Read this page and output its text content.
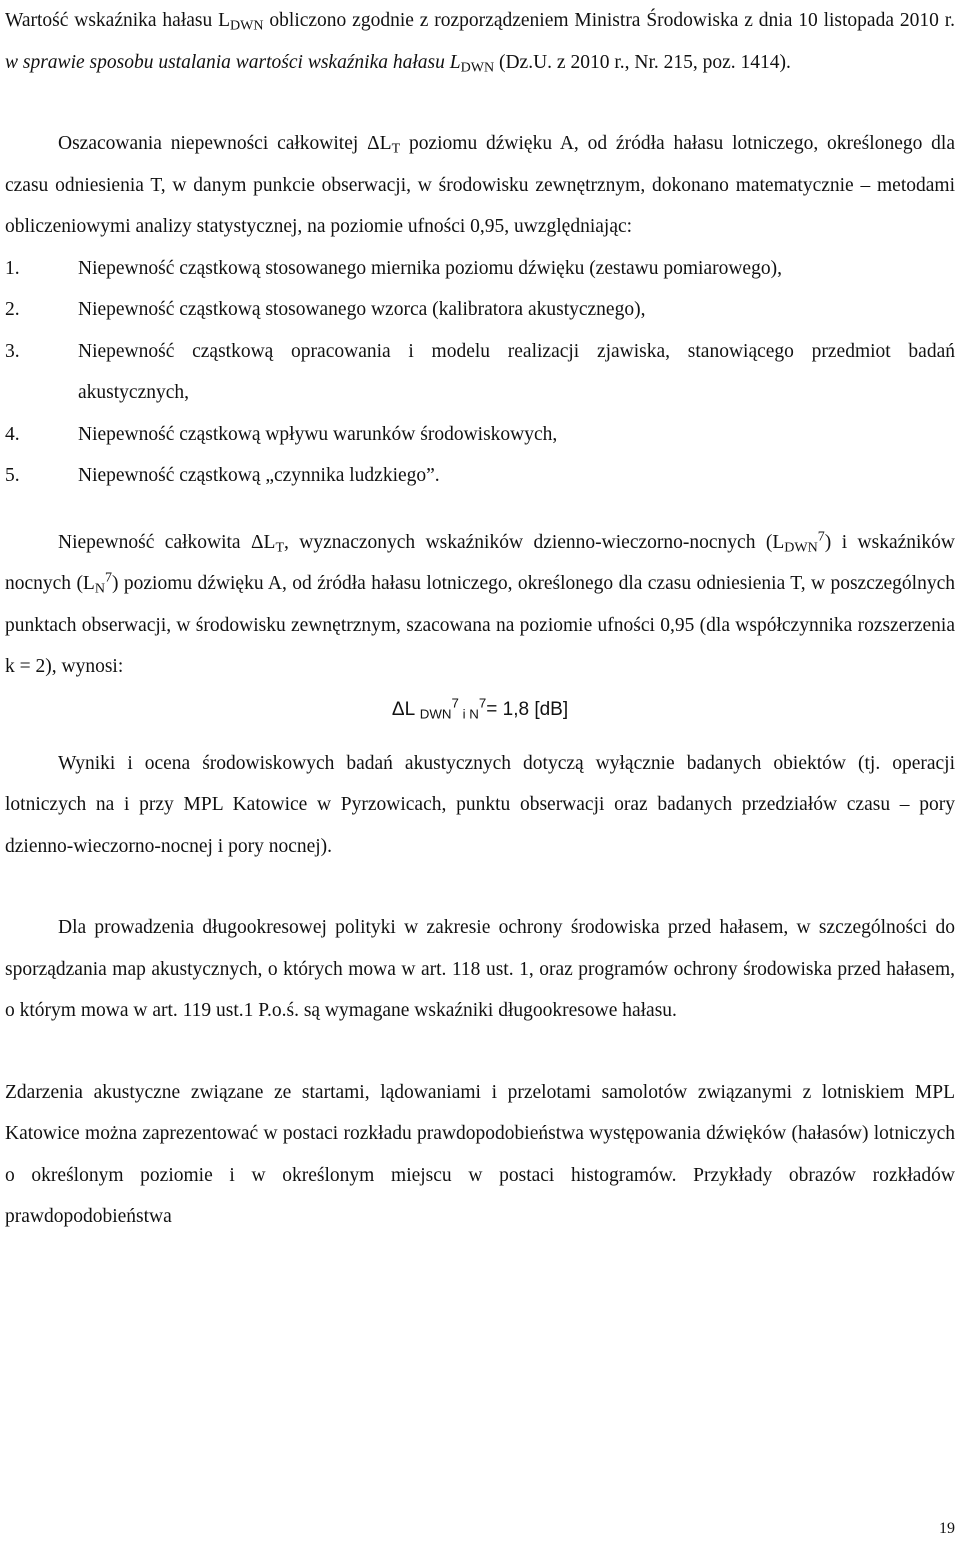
Wartość wskaźnika hałasu $L_{DWN}$ obliczono zgodnie z rozporządzeniem Ministra Środowiska z dnia 10 listopada 2010 r. w sprawie sposobu ustalania wartości wskaźnika hałasu $L_{DWN}$ (Dz.U. z 2010 r., Nr. 215, poz. 1414).

Oszacowania niepewności całkowitej $\Delta L_T$ poziomu dźwięku A, od źródła hałasu lotniczego, określonego dla czasu odniesienia T, w danym punkcie obserwacji, w środowisku zewnętrznym, dokonano matematycznie – metodami obliczeniowymi analizy statystycznej, na poziomie ufności 0,95, uwzględniając:

1.	Niepewność cząstkową stosowanego miernika poziomu dźwięku (zestawu pomiarowego),
2.	Niepewność cząstkową stosowanego wzorca (kalibratora akustycznego),
3.	Niepewność cząstkową opracowania i modelu realizacji zjawiska, stanowiącego przedmiot badań akustycznych,
4.	Niepewność cząstkową wpływu warunków środowiskowych,
5.	Niepewność cząstkową „czynnika ludzkiego”.

Niepewność całkowita $\Delta L_T$, wyznaczonych wskaźników dzienno-wieczorno-nocnych $(L_{DWN}^7)$ i wskaźników nocnych $(L_N^7)$ poziomu dźwięku A, od źródła hałasu lotniczego, określonego dla czasu odniesienia T, w poszczególnych punktach obserwacji, w środowisku zewnętrznym, szacowana na poziomie ufności 0,95 (dla współczynnika rozszerzenia k = 2), wynosi:

ΔL $_{DWN}^7$ $_{i N}^7$= 1,8 [dB]

Wyniki i ocena środowiskowych badań akustycznych dotyczą wyłącznie badanych obiektów (tj. operacji lotniczych na i przy MPL Katowice w Pyrzowicach, punktu obserwacji oraz badanych przedziałów czasu – pory dzienno-wieczorno-nocnej i pory nocnej).

Dla prowadzenia długookresowej polityki w zakresie ochrony środowiska przed hałasem, w szczególności do sporządzania map akustycznych, o których mowa w art. 118 ust. 1, oraz programów ochrony środowiska przed hałasem, o którym mowa w art. 119 ust.1 P.o.ś. są wymagane wskaźniki długookresowe hałasu.

Zdarzenia akustyczne związane ze startami, lądowaniami i przelotami samolotów związanymi z lotniskiem MPL Katowice można zaprezentować w postaci rozkładu prawdopodobieństwa występowania dźwięków (hałasów) lotniczych o określonym poziomie i w określonym miejscu w postaci histogramów. Przykłady obrazów rozkładów prawdopodobieństwa

19
